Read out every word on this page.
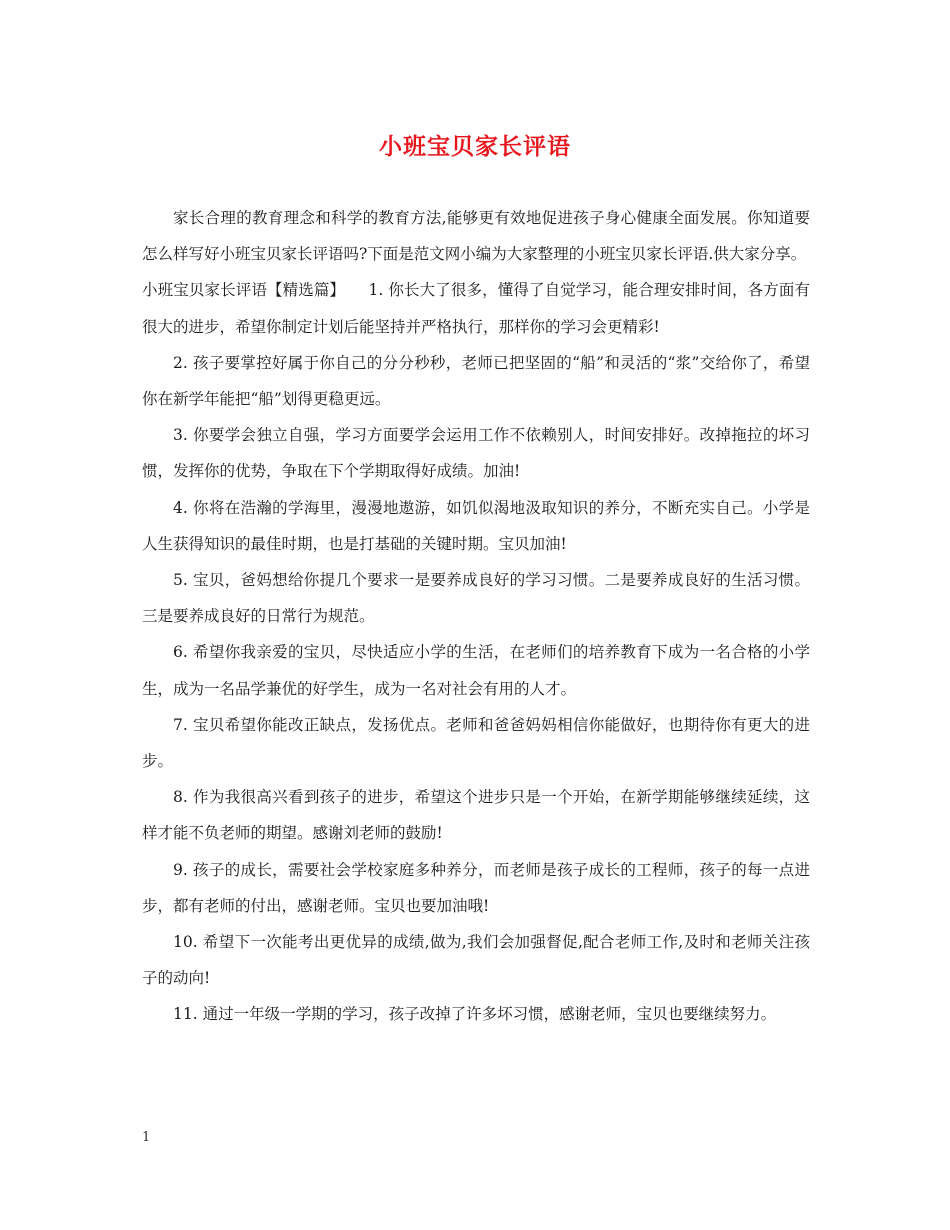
小班宝贝家长评语

家长合理的教育理念和科学的教育方法,能够更有效地促进孩子身心健康全面发展。你知道要怎么样写好小班宝贝家长评语吗?下面是范文网小编为大家整理的小班宝贝家长评语.供大家分享。

小班宝贝家长评语【精选篇】　　1. 你长大了很多，懂得了自觉学习，能合理安排时间，各方面有很大的进步，希望你制定计划后能坚持并严格执行，那样你的学习会更精彩!

2. 孩子要掌控好属于你自己的分分秒秒，老师已把坚固的“船”和灵活的“浆”交给你了，希望你在新学年能把“船”划得更稳更远。

3. 你要学会独立自强，学习方面要学会运用工作不依赖别人，时间安排好。改掉拖拉的坏习惯，发挥你的优势，争取在下个学期取得好成绩。加油!

4. 你将在浩瀚的学海里，漫漫地遨游，如饥似渴地汲取知识的养分，不断充实自己。小学是人生获得知识的最佳时期，也是打基础的关键时期。宝贝加油!

5. 宝贝，爸妈想给你提几个要求一是要养成良好的学习习惯。二是要养成良好的生活习惯。三是要养成良好的日常行为规范。

6. 希望你我亲爱的宝贝，尽快适应小学的生活，在老师们的培养教育下成为一名合格的小学生，成为一名品学兼优的好学生，成为一名对社会有用的人才。

7. 宝贝希望你能改正缺点，发扬优点。老师和爸爸妈妈相信你能做好，也期待你有更大的进步。

8. 作为我很高兴看到孩子的进步，希望这个进步只是一个开始，在新学期能够继续延续，这样才能不负老师的期望。感谢刘老师的鼓励!

9. 孩子的成长，需要社会学校家庭多种养分，而老师是孩子成长的工程师，孩子的每一点进步，都有老师的付出，感谢老师。宝贝也要加油哦!

10. 希望下一次能考出更优异的成绩,做为,我们会加强督促,配合老师工作,及时和老师关注孩子的动向!

11. 通过一年级一学期的学习，孩子改掉了许多坏习惯，感谢老师，宝贝也要继续努力。

1
